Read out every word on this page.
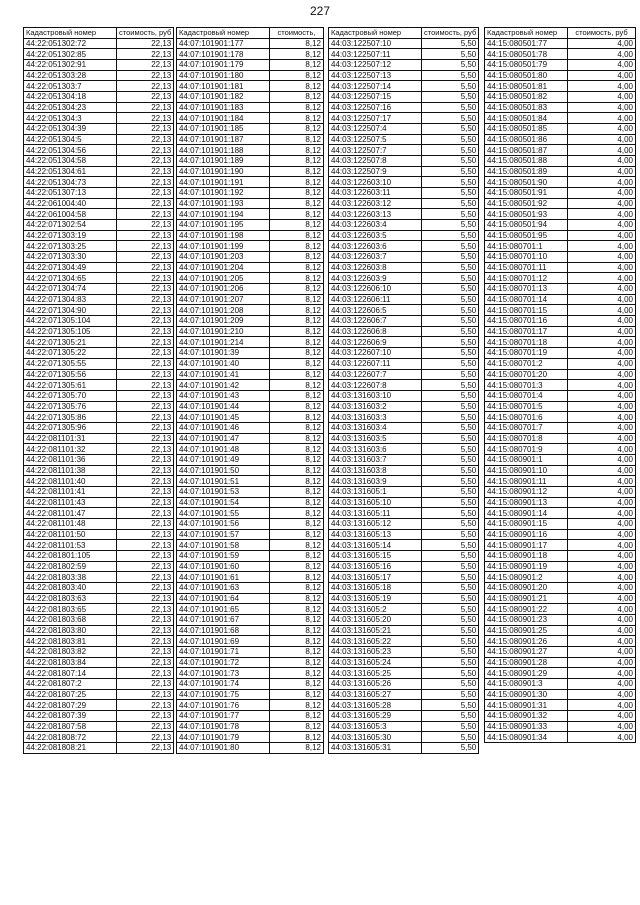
227
Кадастровый номер	стоимость, руб
44:22:051302:72	22,13
44:22:051302:85	22,13
44:22:051302:91	22,13
44:22:051303:28	22,13
44:22:051303:7	22,13
44:22:051304:18	22,13
44:22:051304:23	22,13
44:22:051304:3	22,13
44:22:051304:39	22,13
44:22:051304:5	22,13
44:22:051304:56	22,13
44:22:051304:58	22,13
44:22:051304:61	22,13
44:22:051304:73	22,13
44:22:051307:13	22,13
44:22:061004:40	22,13
44:22:061004:58	22,13
44:22:071302:54	22,13
44:22:071303:19	22,13
44:22:071303:25	22,13
44:22:071303:30	22,13
44:22:071304:49	22,13
44:22:071304:65	22,13
44:22:071304:74	22,13
44:22:071304:83	22,13
44:22:071304:90	22,13
44:22:071305:104	22,13
44:22:071305:105	22,13
44:22:071305:21	22,13
44:22:071305:22	22,13
44:22:071305:55	22,13
44:22:071305:56	22,13
44:22:071305:61	22,13
44:22:071305:70	22,13
44:22:071305:76	22,13
44:22:071305:86	22,13
44:22:071305:96	22,13
44:22:081101:31	22,13
44:22:081101:32	22,13
44:22:081101:36	22,13
44:22:081101:38	22,13
44:22:081101:40	22,13
44:22:081101:41	22,13
44:22:081101:43	22,13
44:22:081101:47	22,13
44:22:081101:48	22,13
44:22:081101:50	22,13
44:22:081101:53	22,13
44:22:081801:105	22,13
44:22:081802:59	22,13
44:22:081803:38	22,13
44:22:081803:40	22,13
44:22:081803:63	22,13
44:22:081803:65	22,13
44:22:081803:68	22,13
44:22:081803:80	22,13
44:22:081803:81	22,13
44:22:081803:82	22,13
44:22:081803:84	22,13
44:22:081807:14	22,13
44:22:081807:2	22,13
44:22:081807:25	22,13
44:22:081807:29	22,13
44:22:081807:39	22,13
44:22:081807:58	22,13
44:22:081808:72	22,13
44:22:081808:21	22,13
Кадастровый номер	стоимость,
44:07:101901:177	8,12
44:07:101901:178	8,12
44:07:101901:179	8,12
44:07:101901:180	8,12
44:07:101901:181	8,12
44:07:101901:182	8,12
44:07:101901:183	8,12
44:07:101901:184	8,12
44:07:101901:185	8,12
44:07:101901:187	8,12
44:07:101901:188	8,12
44:07:101901:189	8,12
44:07:101901:190	8,12
44:07:101901:191	8,12
44:07:101901:192	8,12
44:07:101901:193	8,12
44:07:101901:194	8,12
44:07:101901:195	8,12
44:07:101901:198	8,12
44:07:101901:199	8,12
44:07:101901:203	8,12
44:07:101901:204	8,12
44:07:101901:205	8,12
44:07:101901:206	8,12
44:07:101901:207	8,12
44:07:101901:208	8,12
44:07:101901:209	8,12
44:07:101901:210	8,12
44:07:101901:214	8,12
44:07:101901:39	8,12
44:07:101901:40	8,12
44:07:101901:41	8,12
44:07:101901:42	8,12
44:07:101901:43	8,12
44:07:101901:44	8,12
44:07:101901:45	8,12
44:07:101901:46	8,12
44:07:101901:47	8,12
44:07:101901:48	8,12
44:07:101901:49	8,12
44:07:101901:50	8,12
44:07:101901:51	8,12
44:07:101901:53	8,12
44:07:101901:54	8,12
44:07:101901:55	8,12
44:07:101901:56	8,12
44:07:101901:57	8,12
44:07:101901:58	8,12
44:07:101901:59	8,12
44:07:101901:60	8,12
44:07:101901:61	8,12
44:07:101901:63	8,12
44:07:101901:64	8,12
44:07:101901:65	8,12
44:07:101901:67	8,12
44:07:101901:68	8,12
44:07:101901:69	8,12
44:07:101901:71	8,12
44:07:101901:72	8,12
44:07:101901:73	8,12
44:07:101901:74	8,12
44:07:101901:75	8,12
44:07:101901:76	8,12
44:07:101901:77	8,12
44:07:101901:78	8,12
44:07:101901:79	8,12
44:07:101901:80	8,12
Кадастровый номер	стоимость, руб
44:03:122507:10	5,50
44:03:122507:11	5,50
44:03:122507:12	5,50
44:03:122507:13	5,50
44:03:122507:14	5,50
44:03:122507:15	5,50
44:03:122507:16	5,50
44:03:122507:17	5,50
44:03:122507:4	5,50
44:03:122507:5	5,50
44:03:122507:7	5,50
44:03:122507:8	5,50
44:03:122507:9	5,50
44:03:122603:10	5,50
44:03:122603:11	5,50
44:03:122603:12	5,50
44:03:122603:13	5,50
44:03:122603:4	5,50
44:03:122603:5	5,50
44:03:122603:6	5,50
44:03:122603:7	5,50
44:03:122603:8	5,50
44:03:122603:9	5,50
44:03:122606:10	5,50
44:03:122606:11	5,50
44:03:122606:5	5,50
44:03:122606:7	5,50
44:03:122606:8	5,50
44:03:122606:9	5,50
44:03:122607:10	5,50
44:03:122607:11	5,50
44:03:122607:7	5,50
44:03:122607:8	5,50
44:03:131603:10	5,50
44:03:131603:2	5,50
44:03:131603:3	5,50
44:03:131603:4	5,50
44:03:131603:5	5,50
44:03:131603:6	5,50
44:03:131603:7	5,50
44:03:131603:8	5,50
44:03:131603:9	5,50
44:03:131605:1	5,50
44:03:131605:10	5,50
44:03:131605:11	5,50
44:03:131605:12	5,50
44:03:131605:13	5,50
44:03:131605:14	5,50
44:03:131605:15	5,50
44:03:131605:16	5,50
44:03:131605:17	5,50
44:03:131605:18	5,50
44:03:131605:19	5,50
44:03:131605:2	5,50
44:03:131605:20	5,50
44:03:131605:21	5,50
44:03:131605:22	5,50
44:03:131605:23	5,50
44:03:131605:24	5,50
44:03:131605:25	5,50
44:03:131605:26	5,50
44:03:131605:27	5,50
44:03:131605:28	5,50
44:03:131605:29	5,50
44:03:131605:3	5,50
44:03:131605:30	5,50
44:03:131605:31	5,50
Кадастровый номер	стоимость, руб
44:15:080501:77	4,00
44:15:080501:78	4,00
44:15:080501:79	4,00
44:15:080501:80	4,00
44:15:080501:81	4,00
44:15:080501:82	4,00
44:15:080501:83	4,00
44:15:080501:84	4,00
44:15:080501:85	4,00
44:15:080501:86	4,00
44:15:080501:87	4,00
44:15:080501:88	4,00
44:15:080501:89	4,00
44:15:080501:90	4,00
44:15:080501:91	4,00
44:15:080501:92	4,00
44:15:080501:93	4,00
44:15:080501:94	4,00
44:15:080501:95	4,00
44:15:080701:1	4,00
44:15:080701:10	4,00
44:15:080701:11	4,00
44:15:080701:12	4,00
44:15:080701:13	4,00
44:15:080701:14	4,00
44:15:080701:15	4,00
44:15:080701:16	4,00
44:15:080701:17	4,00
44:15:080701:18	4,00
44:15:080701:19	4,00
44:15:080701:2	4,00
44:15:080701:20	4,00
44:15:080701:3	4,00
44:15:080701:4	4,00
44:15:080701:5	4,00
44:15:080701:6	4,00
44:15:080701:7	4,00
44:15:080701:8	4,00
44:15:080701:9	4,00
44:15:080901:1	4,00
44:15:080901:10	4,00
44:15:080901:11	4,00
44:15:080901:12	4,00
44:15:080901:13	4,00
44:15:080901:14	4,00
44:15:080901:15	4,00
44:15:080901:16	4,00
44:15:080901:17	4,00
44:15:080901:18	4,00
44:15:080901:19	4,00
44:15:080901:2	4,00
44:15:080901:20	4,00
44:15:080901:21	4,00
44:15:080901:22	4,00
44:15:080901:23	4,00
44:15:080901:25	4,00
44:15:080901:26	4,00
44:15:080901:27	4,00
44:15:080901:28	4,00
44:15:080901:29	4,00
44:15:080901:3	4,00
44:15:080901:30	4,00
44:15:080901:31	4,00
44:15:080901:32	4,00
44:15:080901:33	4,00
44:15:080901:34	4,00
